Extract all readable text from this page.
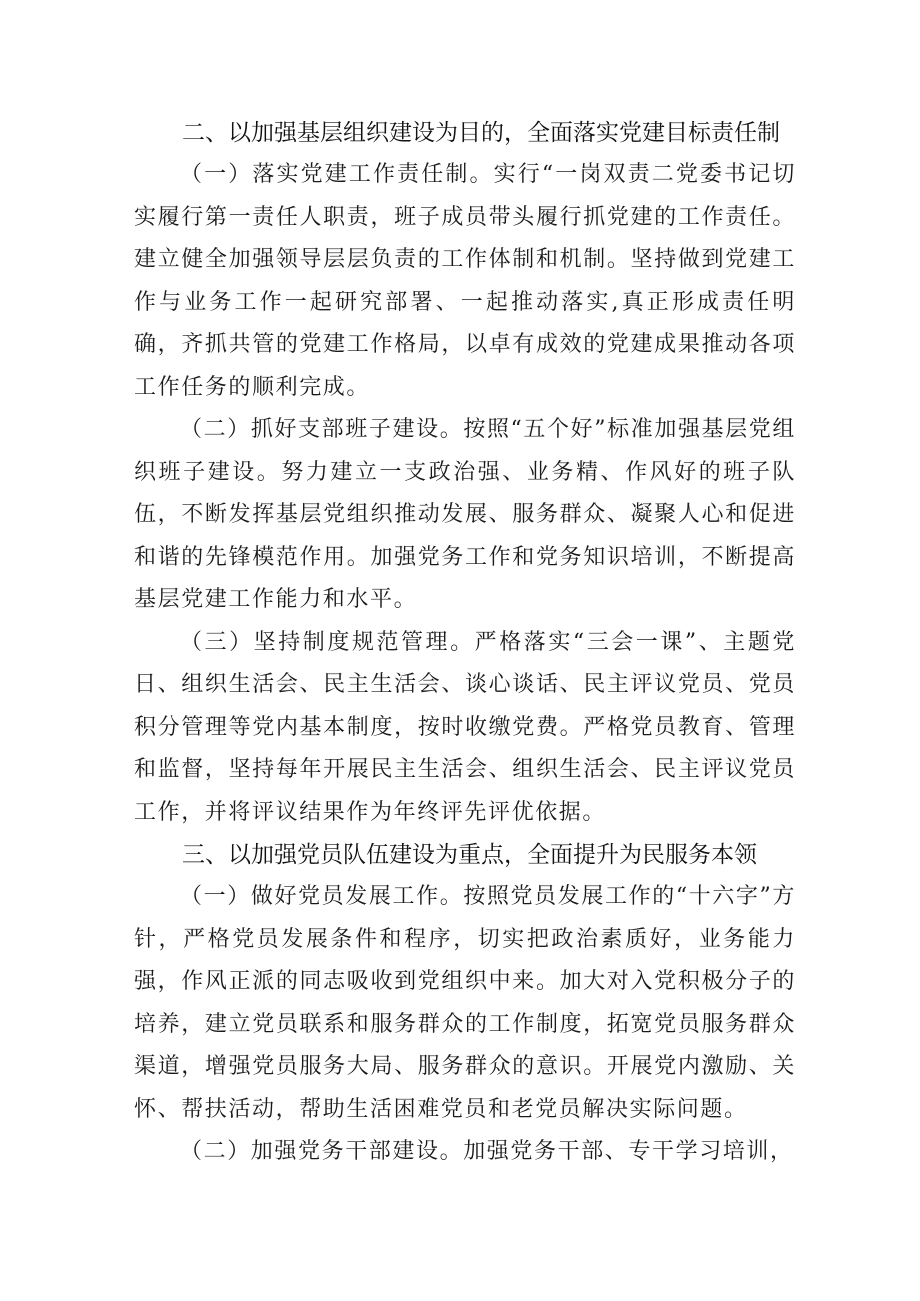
二、以加强基层组织建设为目的，全面落实党建目标责任制

（一）落实党建工作责任制。实行“一岗双责二党委书记切实履行第一责任人职责，班子成员带头履行抓党建的工作责任。建立健全加强领导层层负责的工作体制和机制。坚持做到党建工作与业务工作一起研究部署、一起推动落实,真正形成责任明确，齐抓共管的党建工作格局，以卓有成效的党建成果推动各项工作任务的顺利完成。

（二）抓好支部班子建设。按照“五个好”标准加强基层党组织班子建设。努力建立一支政治强、业务精、作风好的班子队伍，不断发挥基层党组织推动发展、服务群众、凝聚人心和促进和谐的先锋模范作用。加强党务工作和党务知识培训，不断提高基层党建工作能力和水平。

（三）坚持制度规范管理。严格落实“三会一课”、主题党日、组织生活会、民主生活会、谈心谈话、民主评议党员、党员积分管理等党内基本制度，按时收缴党费。严格党员教育、管理和监督，坚持每年开展民主生活会、组织生活会、民主评议党员工作，并将评议结果作为年终评先评优依据。

三、以加强党员队伍建设为重点，全面提升为民服务本领

（一）做好党员发展工作。按照党员发展工作的“十六字”方针，严格党员发展条件和程序，切实把政治素质好，业务能力强，作风正派的同志吸收到党组织中来。加大对入党积极分子的培养，建立党员联系和服务群众的工作制度，拓宽党员服务群众渠道，增强党员服务大局、服务群众的意识。开展党内激励、关怀、帮扶活动，帮助生活困难党员和老党员解决实际问题。

（二）加强党务干部建设。加强党务干部、专干学习培训，
